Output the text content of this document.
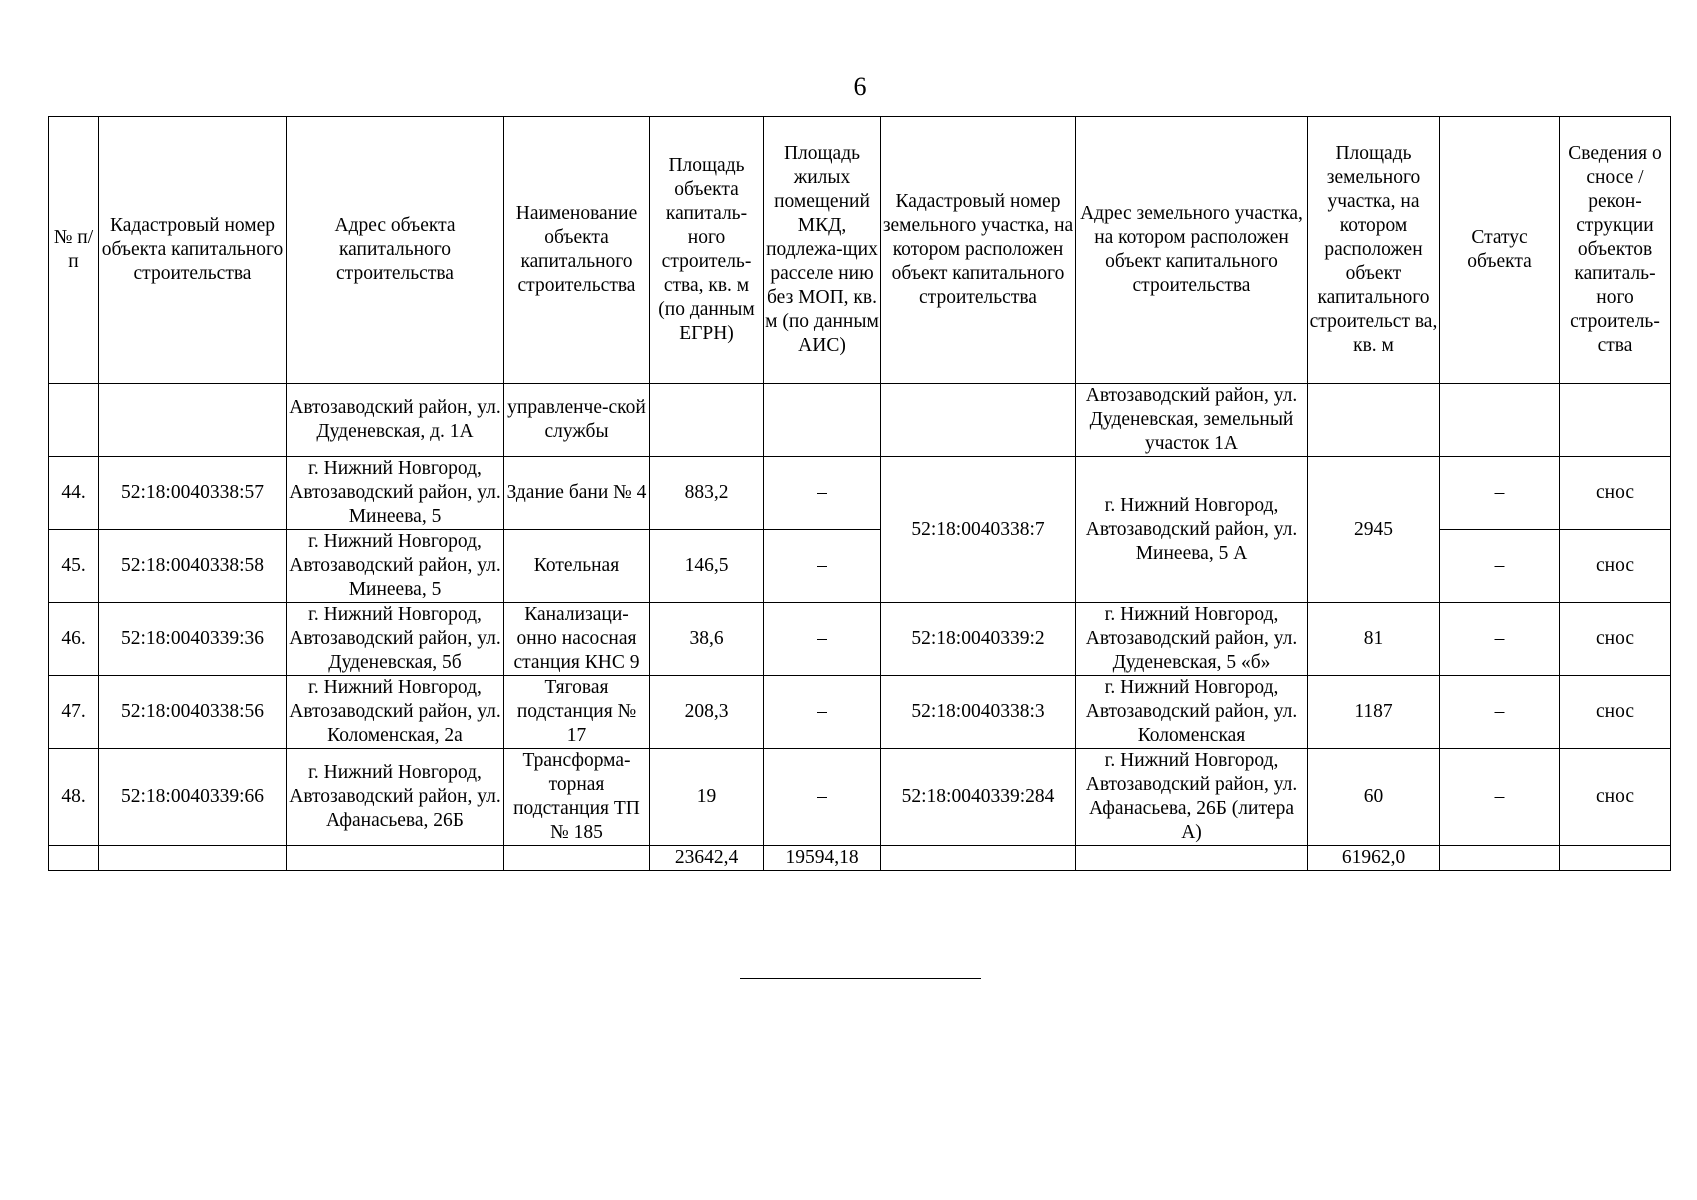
6
№ п/п	Кадастровый номер объекта капитального строительства	Адрес объекта капитального строительства	Наименование объекта капитального строительства	Площадь объекта капиталь-ного строитель-ства, кв. м (по данным ЕГРН)	Площадь жилых помещений МКД, подлежа-щих расселе нию без МОП, кв. м (по данным АИС)	Кадастровый номер земельного участка, на котором расположен объект капитального строительства	Адрес земельного участка, на котором расположен объект капитального строительства	Площадь земельного участка, на котором расположен объект капитального строительст ва, кв. м	Статус объекта	Сведения о сносе / рекон-струкции объектов капиталь-ного строитель-ства
		Автозаводский район, ул. Дуденевская, д. 1А	управленче-ской службы				Автозаводский район, ул. Дуденевская, земельный участок 1А			
44.	52:18:0040338:57	г. Нижний Новгород, Автозаводский район, ул. Минеева, 5	Здание бани № 4	883,2	–	52:18:0040338:7	г. Нижний Новгород, Автозаводский район, ул. Минеева, 5 А	2945	–	снос
45.	52:18:0040338:58	г. Нижний Новгород, Автозаводский район, ул. Минеева, 5	Котельная	146,5	–				–	снос
46.	52:18:0040339:36	г. Нижний Новгород, Автозаводский район, ул. Дуденевская, 5б	Канализаци-онно насосная станция КНС 9	38,6	–	52:18:0040339:2	г. Нижний Новгород, Автозаводский район, ул. Дуденевская, 5 «б»	81	–	снос
47.	52:18:0040338:56	г. Нижний Новгород, Автозаводский район, ул. Коломенская, 2а	Тяговая подстанция № 17	208,3	–	52:18:0040338:3	г. Нижний Новгород, Автозаводский район, ул. Коломенская	1187	–	снос
48.	52:18:0040339:66	г. Нижний Новгород, Автозаводский район, ул. Афанасьева, 26Б	Трансформа-торная подстанция ТП № 185	19	–	52:18:0040339:284	г. Нижний Новгород, Автозаводский район, ул. Афанасьева, 26Б (литера А)	60	–	снос
				23642,4	19594,18			61962,0		
